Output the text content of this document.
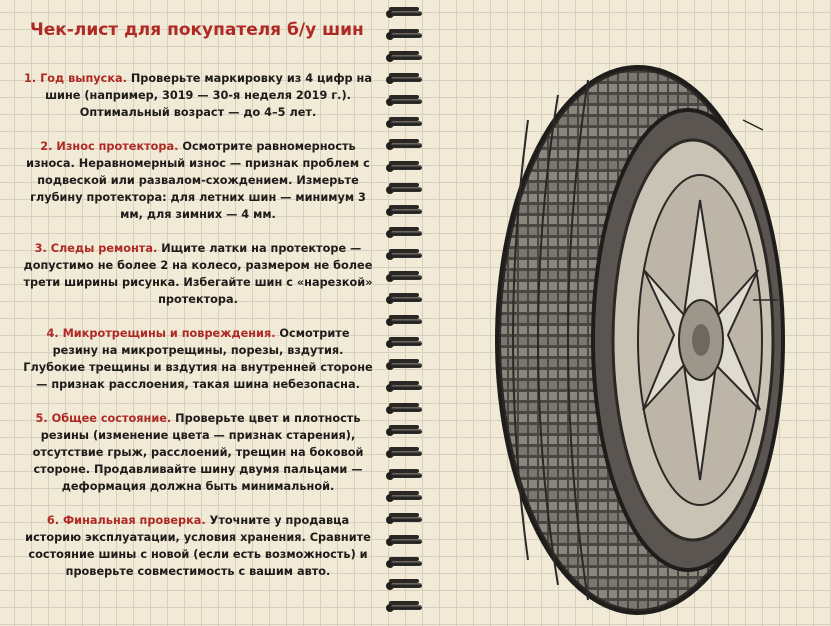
Чек-лист для покупателя б/у шин

1. Год выпуска. Проверьте маркировку из 4 цифр на шине (например, 3019 — 30-я неделя 2019 г.). Оптимальный возраст — до 4–5 лет.

2. Износ протектора. Осмотрите равномерность износа. Неравномерный износ — признак проблем с подвеской или развалом-схождением. Измерьте глубину протектора: для летних шин — минимум 3 мм, для зимних — 4 мм.

3. Следы ремонта. Ищите латки на протекторе — допустимо не более 2 на колесо, размером не более трети ширины рисунка. Избегайте шин с «нарезкой» протектора.

4. Микротрещины и повреждения. Осмотрите резину на микротрещины, порезы, вздутия. Глубокие трещины и вздутия на внутренней стороне — признак расслоения, такая шина небезопасна.

5. Общее состояние. Проверьте цвет и плотность резины (изменение цвета — признак старения), отсутствие грыж, расслоений, трещин на боковой стороне. Продавливайте шину двумя пальцами — деформация должна быть минимальной.

6. Финальная проверка. Уточните у продавца историю эксплуатации, условия хранения. Сравните состояние шины с новой (если есть возможность) и проверьте совместимость с вашим авто.
